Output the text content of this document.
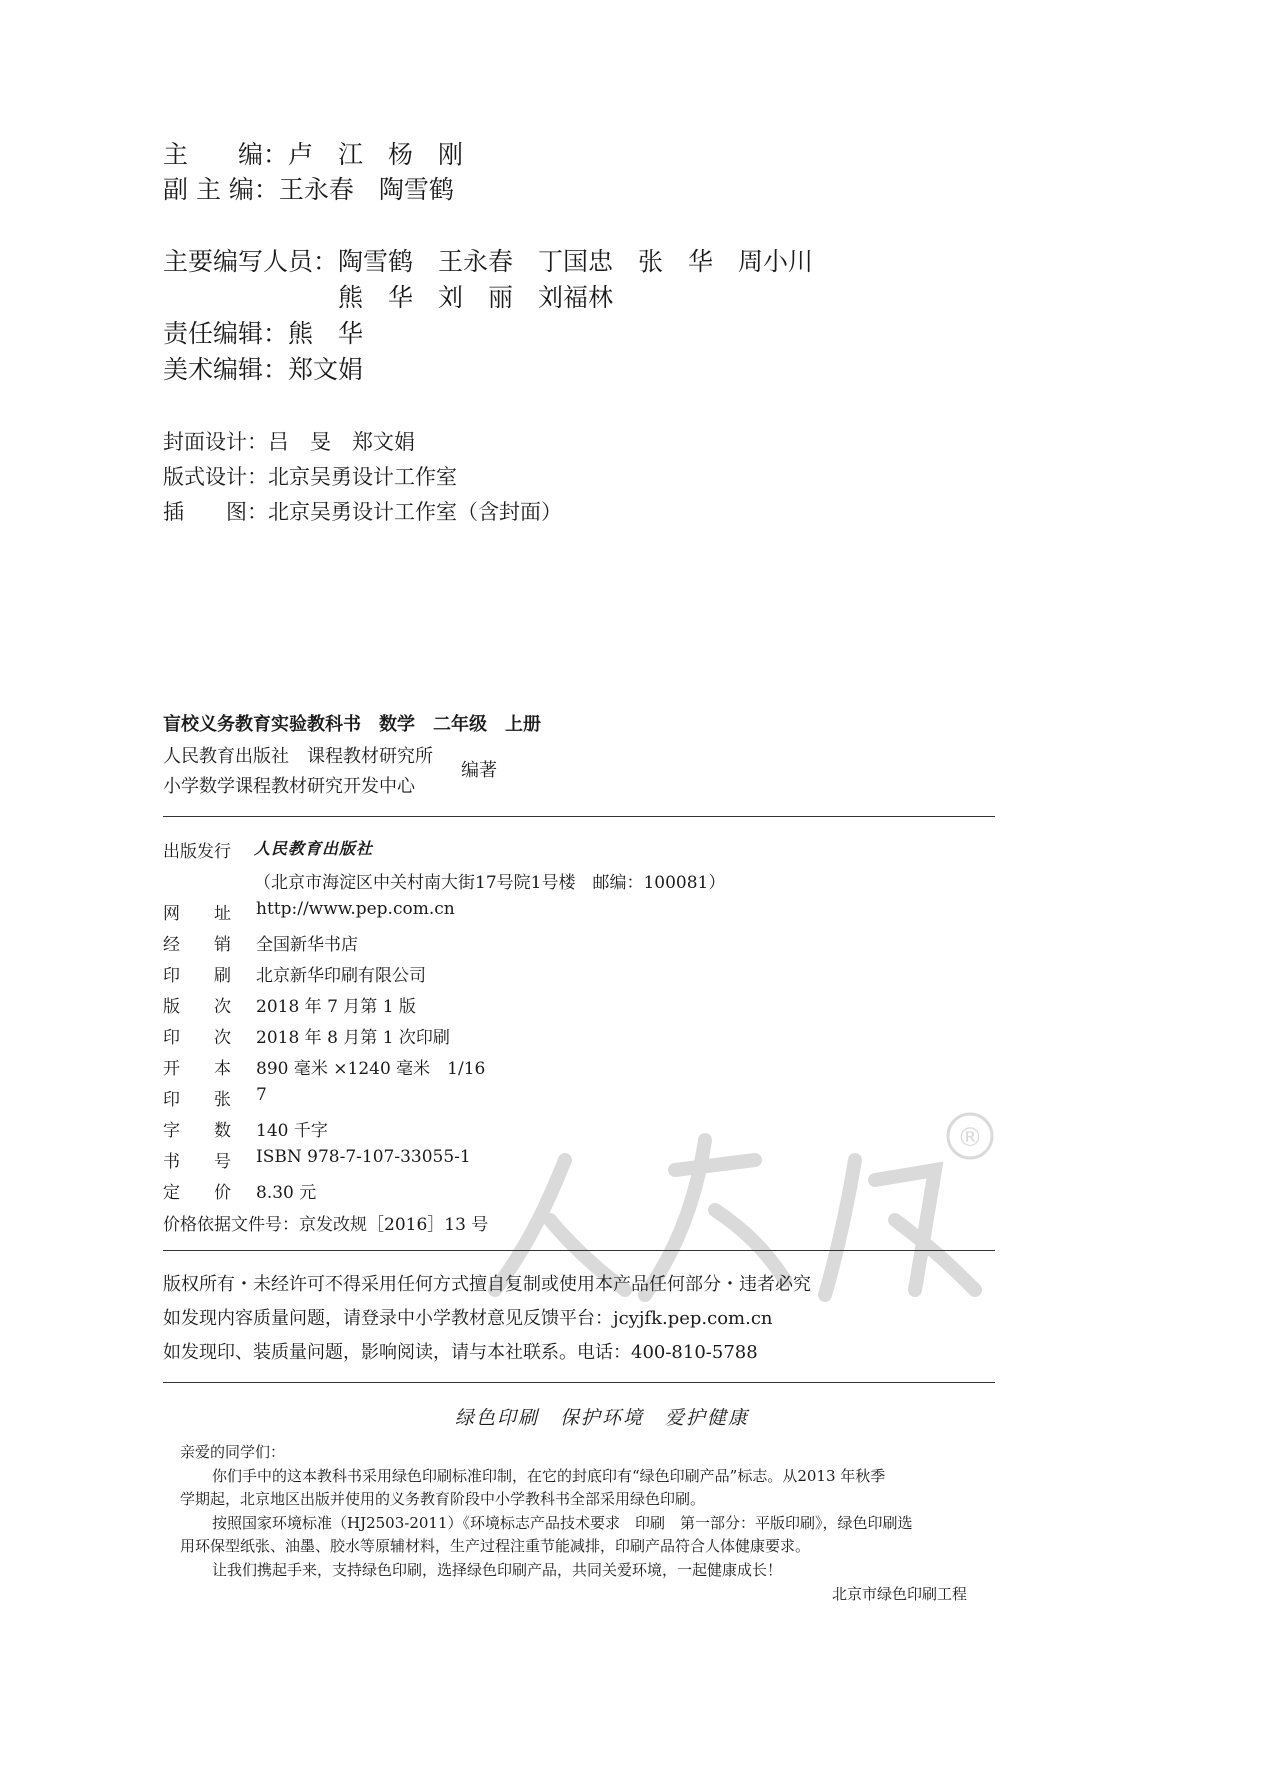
主　　编：卢　江　杨　刚
副 主 编：王永春　陶雪鹤
主要编写人员：陶雪鹤　王永春　丁国忠　张　华　周小川
熊　华　刘　丽　刘福林
责任编辑：熊　华
美术编辑：郑文娟
封面设计：吕　旻　郑文娟
版式设计：北京吴勇设计工作室
插　　图：北京吴勇设计工作室（含封面）
盲校义务教育实验教科书　数学　二年级　上册
人民教育出版社　课程教材研究所
小学数学课程教材研究开发中心
编著
出版发行 人民教育出版社
（北京市海淀区中关村南大街17号院1号楼　邮编：100081）

网　　址 http://www.pep.com.cn

经　　销 全国新华书店

印　　刷 北京新华印刷有限公司

版　　次 2018 年 7 月第 1 版

印　　次 2018 年 8 月第 1 次印刷

开　　本 890 毫米 ×1240 毫米　1/16

印　　张 7

字　　数 140 千字

书　　号 ISBN 978-7-107-33055-1

定　　价 8.30 元

价格依据文件号：京发改规［2016］13 号
®
版权所有・未经许可不得采用任何方式擅自复制或使用本产品任何部分・违者必究
如发现内容质量问题，请登录中小学教材意见反馈平台：jcyjfk.pep.com.cn
如发现印、装质量问题，影响阅读，请与本社联系。电话：400-810-5788
绿色印刷　保护环境　爱护健康
亲爱的同学们：
你们手中的这本教科书采用绿色印刷标准印制，在它的封底印有“绿色印刷产品”标志。从2013 年秋季
学期起，北京地区出版并使用的义务教育阶段中小学教科书全部采用绿色印刷。
按照国家环境标准（HJ2503-2011）《环境标志产品技术要求　印刷　第一部分：平版印刷》，绿色印刷选
用环保型纸张、油墨、胶水等原辅材料，生产过程注重节能减排，印刷产品符合人体健康要求。
让我们携起手来，支持绿色印刷，选择绿色印刷产品，共同关爱环境，一起健康成长！
北京市绿色印刷工程
